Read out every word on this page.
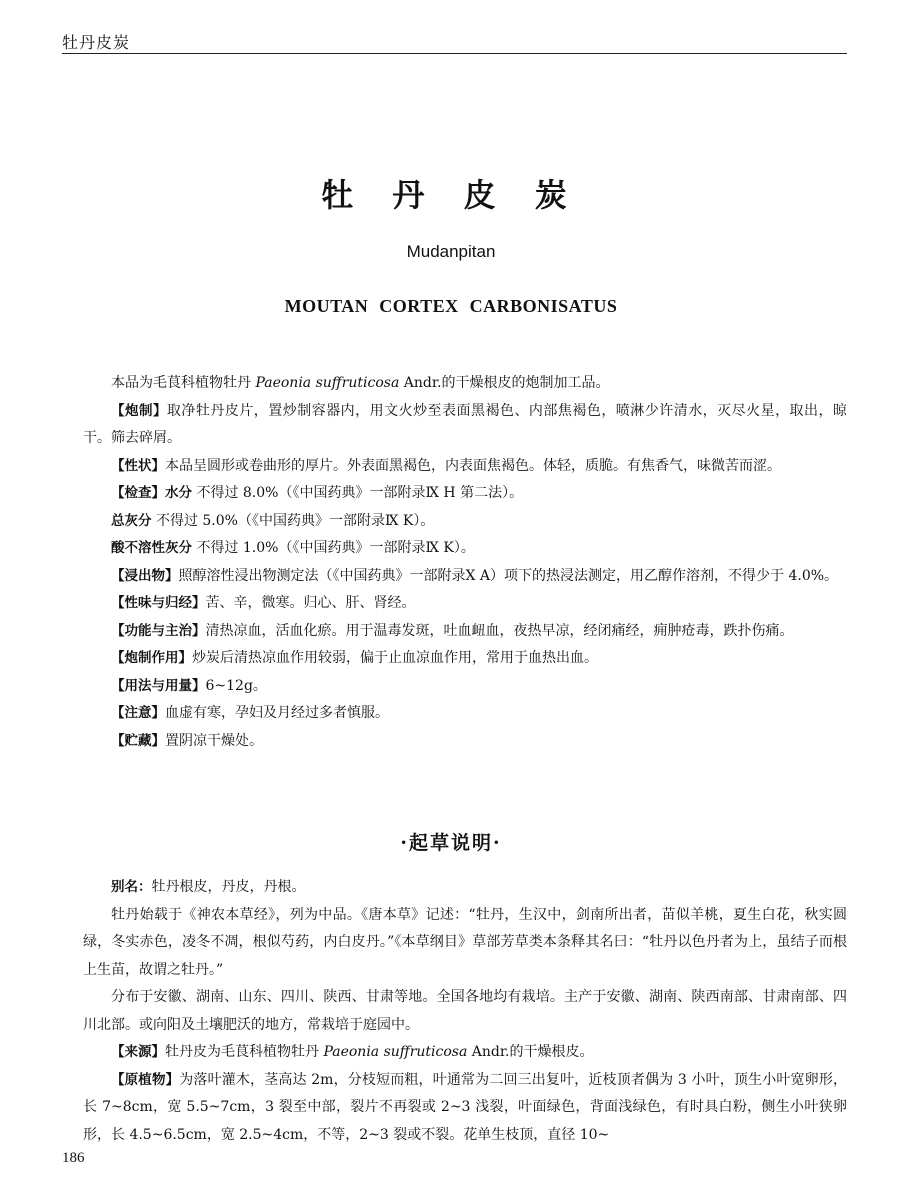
牡丹皮炭
牡 丹 皮 炭
Mudanpitan
MOUTAN CORTEX CARBONISATUS

本品为毛茛科植物牡丹 Paeonia suffruticosa Andr.的干燥根皮的炮制加工品。

【炮制】取净牡丹皮片，置炒制容器内，用文火炒至表面黑褐色、内部焦褐色，喷淋少许清水，灭尽火星，取出，晾干。筛去碎屑。

【性状】本品呈圆形或卷曲形的厚片。外表面黑褐色，内表面焦褐色。体轻，质脆。有焦香气，味微苦而涩。

【检查】水分 不得过 8.0%（《中国药典》一部附录Ⅸ H 第二法）。

总灰分 不得过 5.0%（《中国药典》一部附录Ⅸ K）。

酸不溶性灰分 不得过 1.0%（《中国药典》一部附录Ⅸ K）。

【浸出物】照醇溶性浸出物测定法（《中国药典》一部附录Ⅹ A）项下的热浸法测定，用乙醇作溶剂，不得少于 4.0%。

【性味与归经】苦、辛，微寒。归心、肝、肾经。

【功能与主治】清热凉血，活血化瘀。用于温毒发斑，吐血衄血，夜热早凉，经闭痛经，痈肿疮毒，跌扑伤痛。

【炮制作用】炒炭后清热凉血作用较弱，偏于止血凉血作用，常用于血热出血。

【用法与用量】6~12g。

【注意】血虚有寒，孕妇及月经过多者慎服。

【贮藏】置阴凉干燥处。

·起草说明·

别名：牡丹根皮，丹皮，丹根。

牡丹始载于《神农本草经》，列为中品。《唐本草》记述：“牡丹，生汉中，剑南所出者，苗似羊桃，夏生白花，秋实圆绿，冬实赤色，凌冬不凋，根似芍药，内白皮丹。”《本草纲目》草部芳草类本条释其名曰：“牡丹以色丹者为上，虽结子而根上生苗，故谓之牡丹。”

分布于安徽、湖南、山东、四川、陕西、甘肃等地。全国各地均有栽培。主产于安徽、湖南、陕西南部、甘肃南部、四川北部。或向阳及土壤肥沃的地方，常栽培于庭园中。

【来源】牡丹皮为毛茛科植物牡丹 Paeonia suffruticosa Andr.的干燥根皮。

【原植物】为落叶灌木，茎高达 2m，分枝短而粗，叶通常为二回三出复叶，近枝顶者偶为 3 小叶，顶生小叶宽卵形，长 7~8cm，宽 5.5~7cm，3 裂至中部，裂片不再裂或 2~3 浅裂，叶面绿色，背面浅绿色，有时具白粉，侧生小叶狭卵形，长 4.5~6.5cm，宽 2.5~4cm，不等，2~3 裂或不裂。花单生枝顶，直径 10~

186
